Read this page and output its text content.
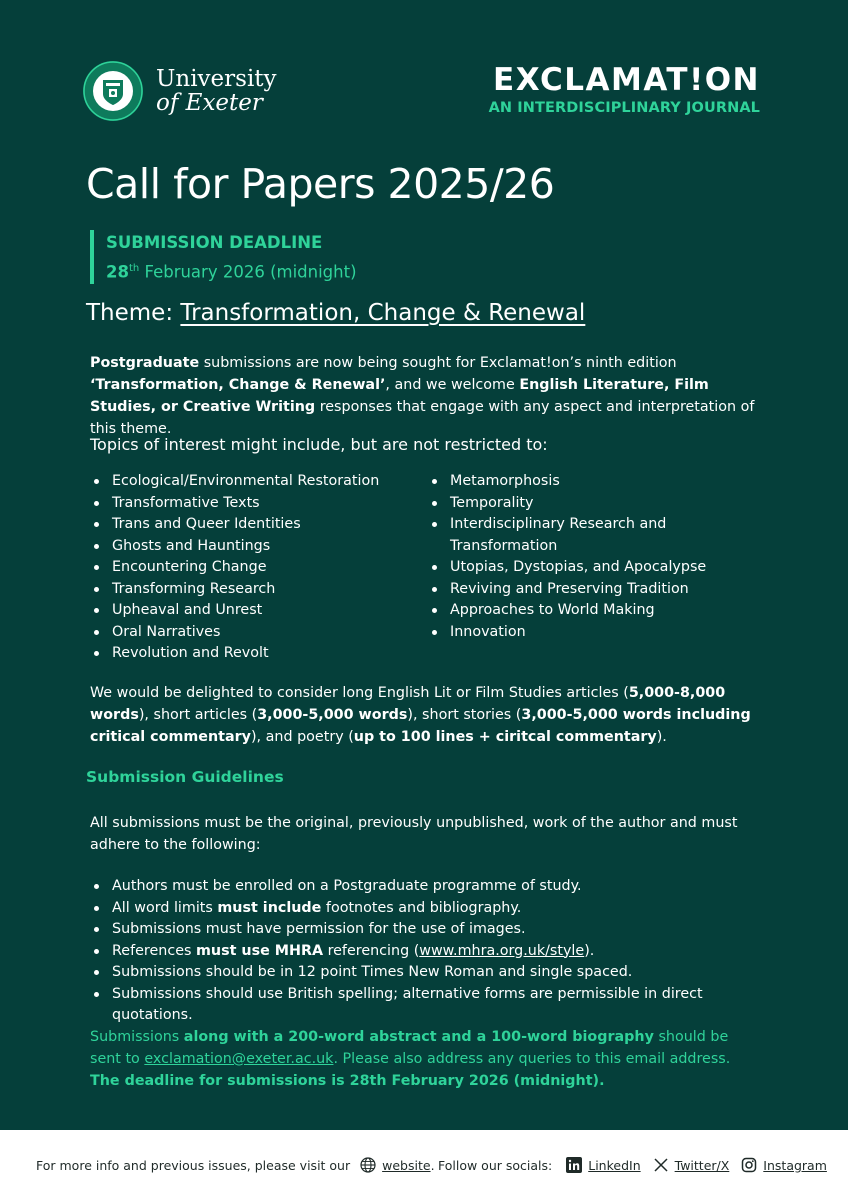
University
of Exeter
EXCLAMAT!ON
AN INTERDISCIPLINARY JOURNAL
Call for Papers 2025/26
SUBMISSION DEADLINE
28th February 2026 (midnight)
Theme: Transformation, Change & Renewal

Postgraduate submissions are now being sought for Exclamat!on’s ninth edition ‘Transformation, Change & Renewal’, and we welcome English Literature, Film Studies, or Creative Writing responses that engage with any aspect and interpretation of this theme.

Topics of interest might include, but are not restricted to:

Ecological/Environmental Restoration
Transformative Texts
Trans and Queer Identities
Ghosts and Hauntings
Encountering Change
Transforming Research
Upheaval and Unrest
Oral Narratives
Revolution and Revolt
Metamorphosis
Temporality
Interdisciplinary Research and Transformation
Utopias, Dystopias, and Apocalypse
Reviving and Preserving Tradition
Approaches to World Making
Innovation

We would be delighted to consider long English Lit or Film Studies articles (5,000-8,000 words), short articles (3,000-5,000 words), short stories (3,000-5,000 words including critical commentary), and poetry (up to 100 lines + ciritcal commentary).

Submission Guidelines

All submissions must be the original, previously unpublished, work of the author and must adhere to the following:

Authors must be enrolled on a Postgraduate programme of study.
All word limits must include footnotes and bibliography.
Submissions must have permission for the use of images.
References must use MHRA referencing (www.mhra.org.uk/style).
Submissions should be in 12 point Times New Roman and single spaced.
Submissions should use British spelling; alternative forms are permissible in direct quotations.

Submissions along with a 200-word abstract and a 100-word biography should be sent to exclamation@exeter.ac.uk. Please also address any queries to this email address.
The deadline for submissions is 28th February 2026 (midnight).

For more info and previous issues, please visit our	website . Follow our socials:	LinkedIn	Twitter/X	Instagram
